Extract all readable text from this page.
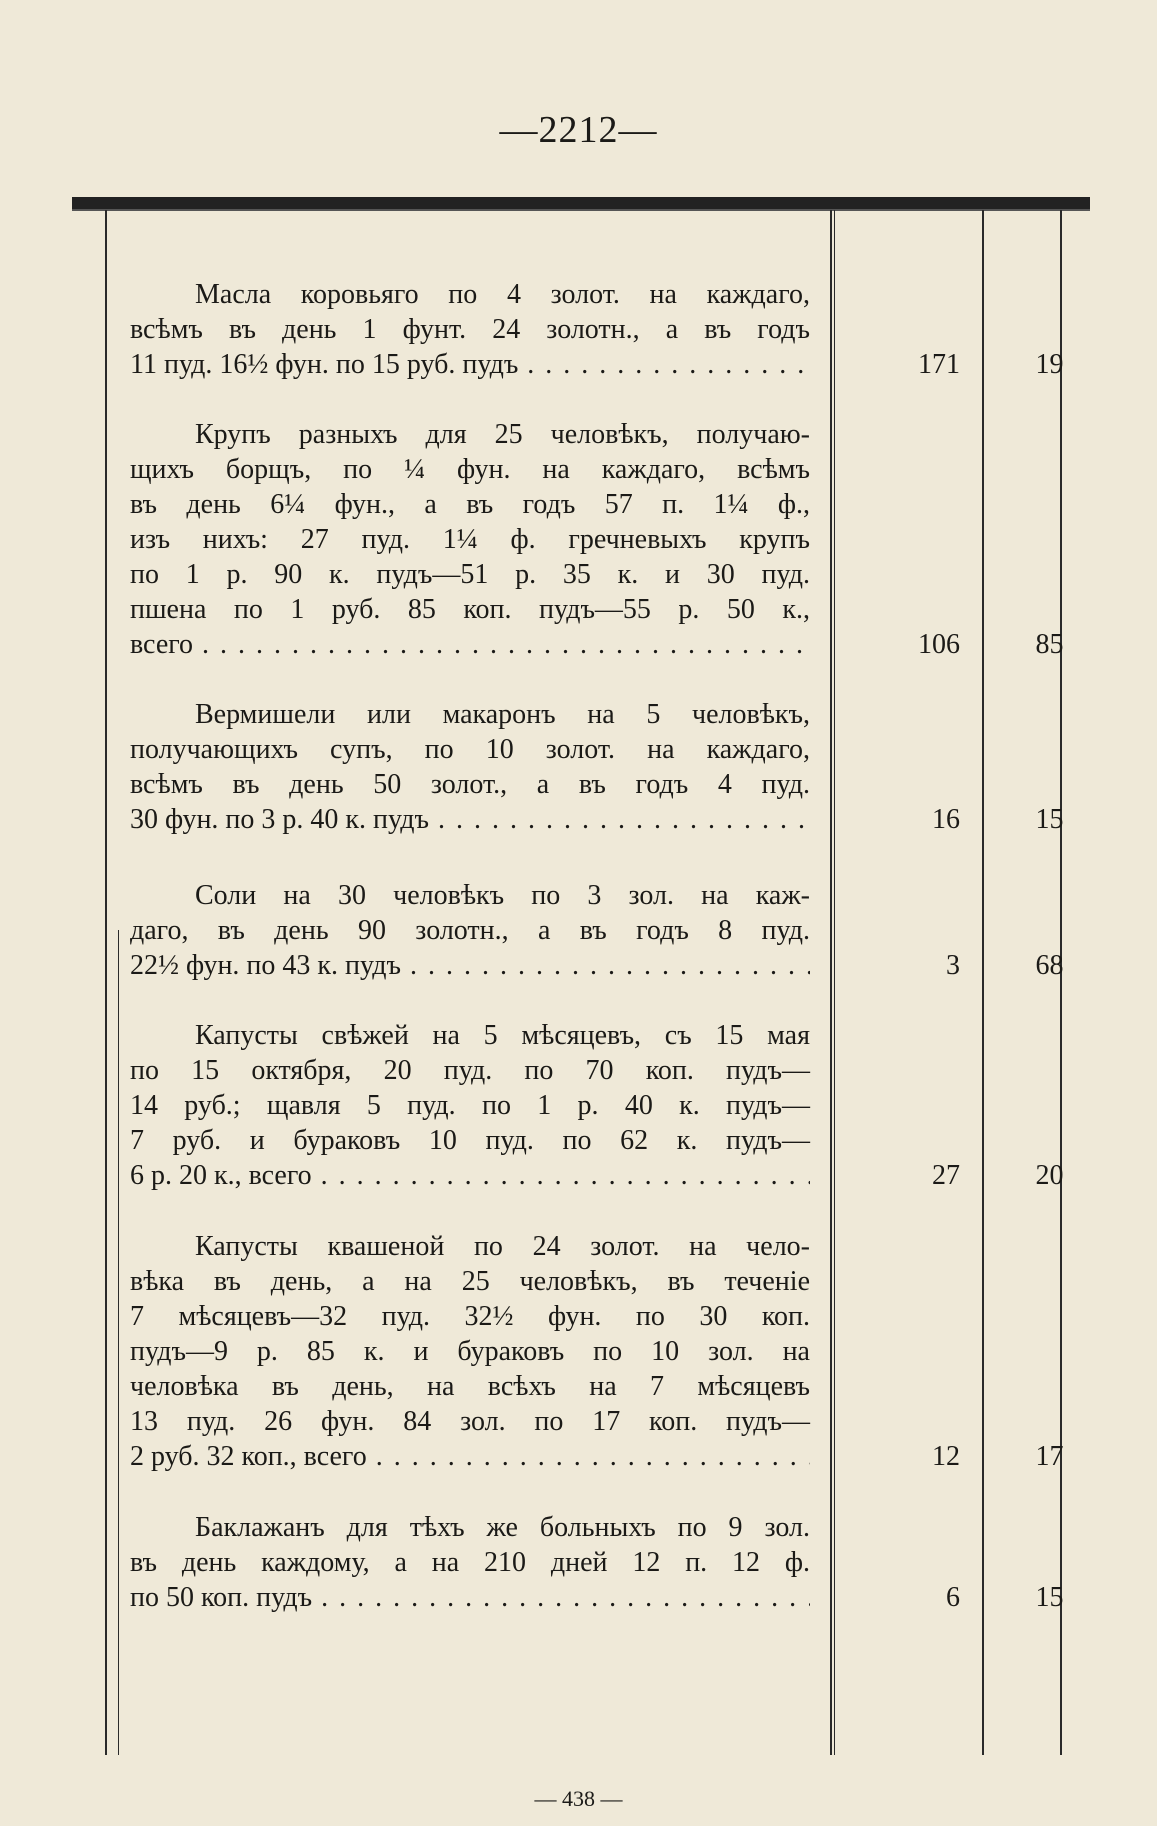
—2212—
Масла коровьяго по 4 золот. на каждаго,
всѣмъ въ день 1 фунт. 24 золотн., а въ годъ
11 пуд. 16½ фун. по 15 руб. пудъ . . .	171	19
Крупъ разныхъ для 25 человѣкъ, получаю-
щихъ борщъ, по ¼ фун. на каждаго, всѣмъ
въ день 6¼ фун., а въ годъ 57 п. 1¼ ф.,
изъ нихъ: 27 пуд. 1¼ ф. гречневыхъ крупъ
по 1 р. 90 к. пудъ—51 р. 35 к. и 30 пуд.
пшена по 1 руб. 85 коп. пудъ—55 р. 50 к.,
всего . . .	106	85
Вермишели или макаронъ на 5 человѣкъ,
получающихъ супъ, по 10 золот. на каждаго,
всѣмъ въ день 50 золот., а въ годъ 4 пуд.
30 фун. по 3 р. 40 к. пудъ . . .	16	15
Соли на 30 человѣкъ по 3 зол. на каж-
даго, въ день 90 золотн., а въ годъ 8 пуд.
22½ фун. по 43 к. пудъ . . .	3	68
Капусты свѣжей на 5 мѣсяцевъ, съ 15 мая
по 15 октября, 20 пуд. по 70 коп. пудъ—
14 руб.; щавля 5 пуд. по 1 р. 40 к. пудъ—
7 руб. и бураковъ 10 пуд. по 62 к. пудъ—
6 р. 20 к., всего . . .	27	20
Капусты квашеной по 24 золот. на чело-
вѣка въ день, а на 25 человѣкъ, въ теченіе
7 мѣсяцевъ—32 пуд. 32½ фун. по 30 коп.
пудъ—9 р. 85 к. и бураковъ по 10 зол. на
человѣка въ день, на всѣхъ на 7 мѣсяцевъ
13 пуд. 26 фун. 84 зол. по 17 коп. пудъ—
2 руб. 32 коп., всего . . .	12	17
Баклажанъ для тѣхъ же больныхъ по 9 зол.
въ день каждому, а на 210 дней 12 п. 12 ф.
по 50 коп. пудъ . . .	6	15
— 438 —
